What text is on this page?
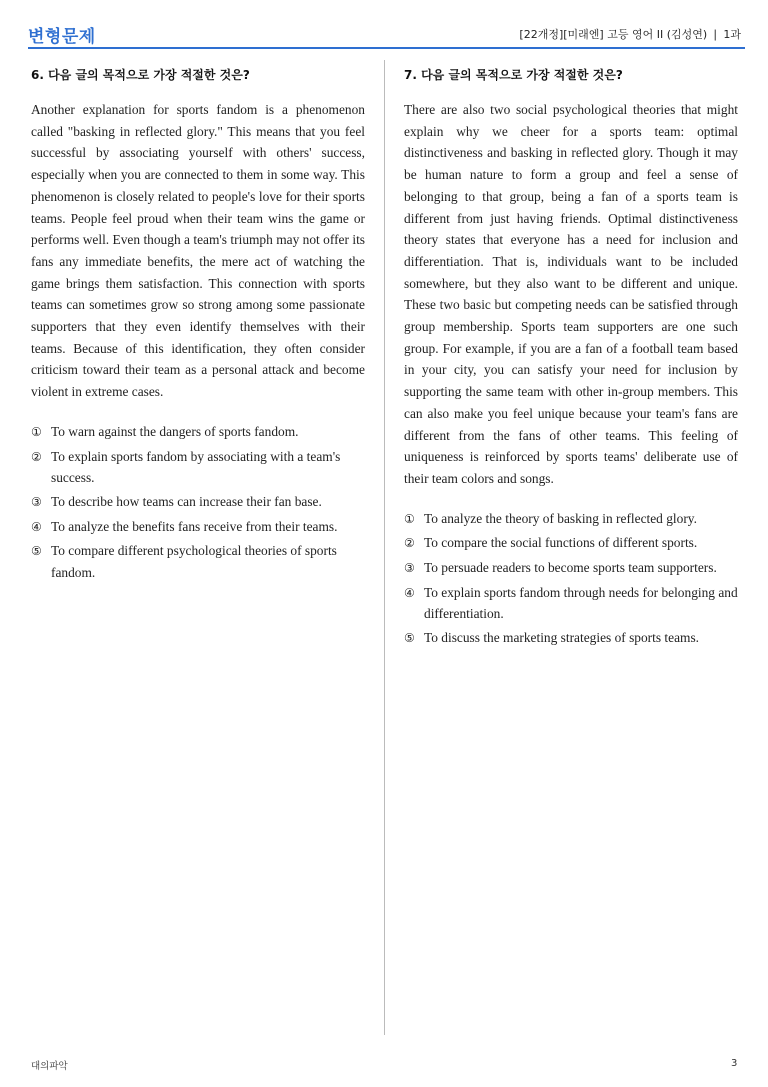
변형문제	[22개정][미래엔] 고등 영어 II (김성연) ❘ 1과
6. 다음 글의 목적으로 가장 적절한 것은?

Another explanation for sports fandom is a phenomenon called "basking in reflected glory." This means that you feel successful by associating yourself with others' success, especially when you are connected to them in some way. This phenomenon is closely related to people's love for their sports teams. People feel proud when their team wins the game or performs well. Even though a team's triumph may not offer its fans any immediate benefits, the mere act of watching the game brings them satisfaction. This connection with sports teams can sometimes grow so strong among some passionate supporters that they even identify themselves with their teams. Because of this identification, they often consider criticism toward their team as a personal attack and become violent in extreme cases.

① To warn against the dangers of sports fandom.
② To explain sports fandom by associating with a team's success.
③ To describe how teams can increase their fan base.
④ To analyze the benefits fans receive from their teams.
⑤ To compare different psychological theories of sports fandom.
7. 다음 글의 목적으로 가장 적절한 것은?

There are also two social psychological theories that might explain why we cheer for a sports team: optimal distinctiveness and basking in reflected glory. Though it may be human nature to form a group and feel a sense of belonging to that group, being a fan of a sports team is different from just having friends. Optimal distinctiveness theory states that everyone has a need for inclusion and differentiation. That is, individuals want to be included somewhere, but they also want to be different and unique. These two basic but competing needs can be satisfied through group membership. Sports team supporters are one such group. For example, if you are a fan of a football team based in your city, you can satisfy your need for inclusion by supporting the same team with other in-group members. This can also make you feel unique because your team's fans are different from the fans of other teams. This feeling of uniqueness is reinforced by sports teams' deliberate use of their team colors and songs.

① To analyze the theory of basking in reflected glory.
② To compare the social functions of different sports.
③ To persuade readers to become sports team supporters.
④ To explain sports fandom through needs for belonging and differentiation.
⑤ To discuss the marketing strategies of sports teams.
대의파악	3
